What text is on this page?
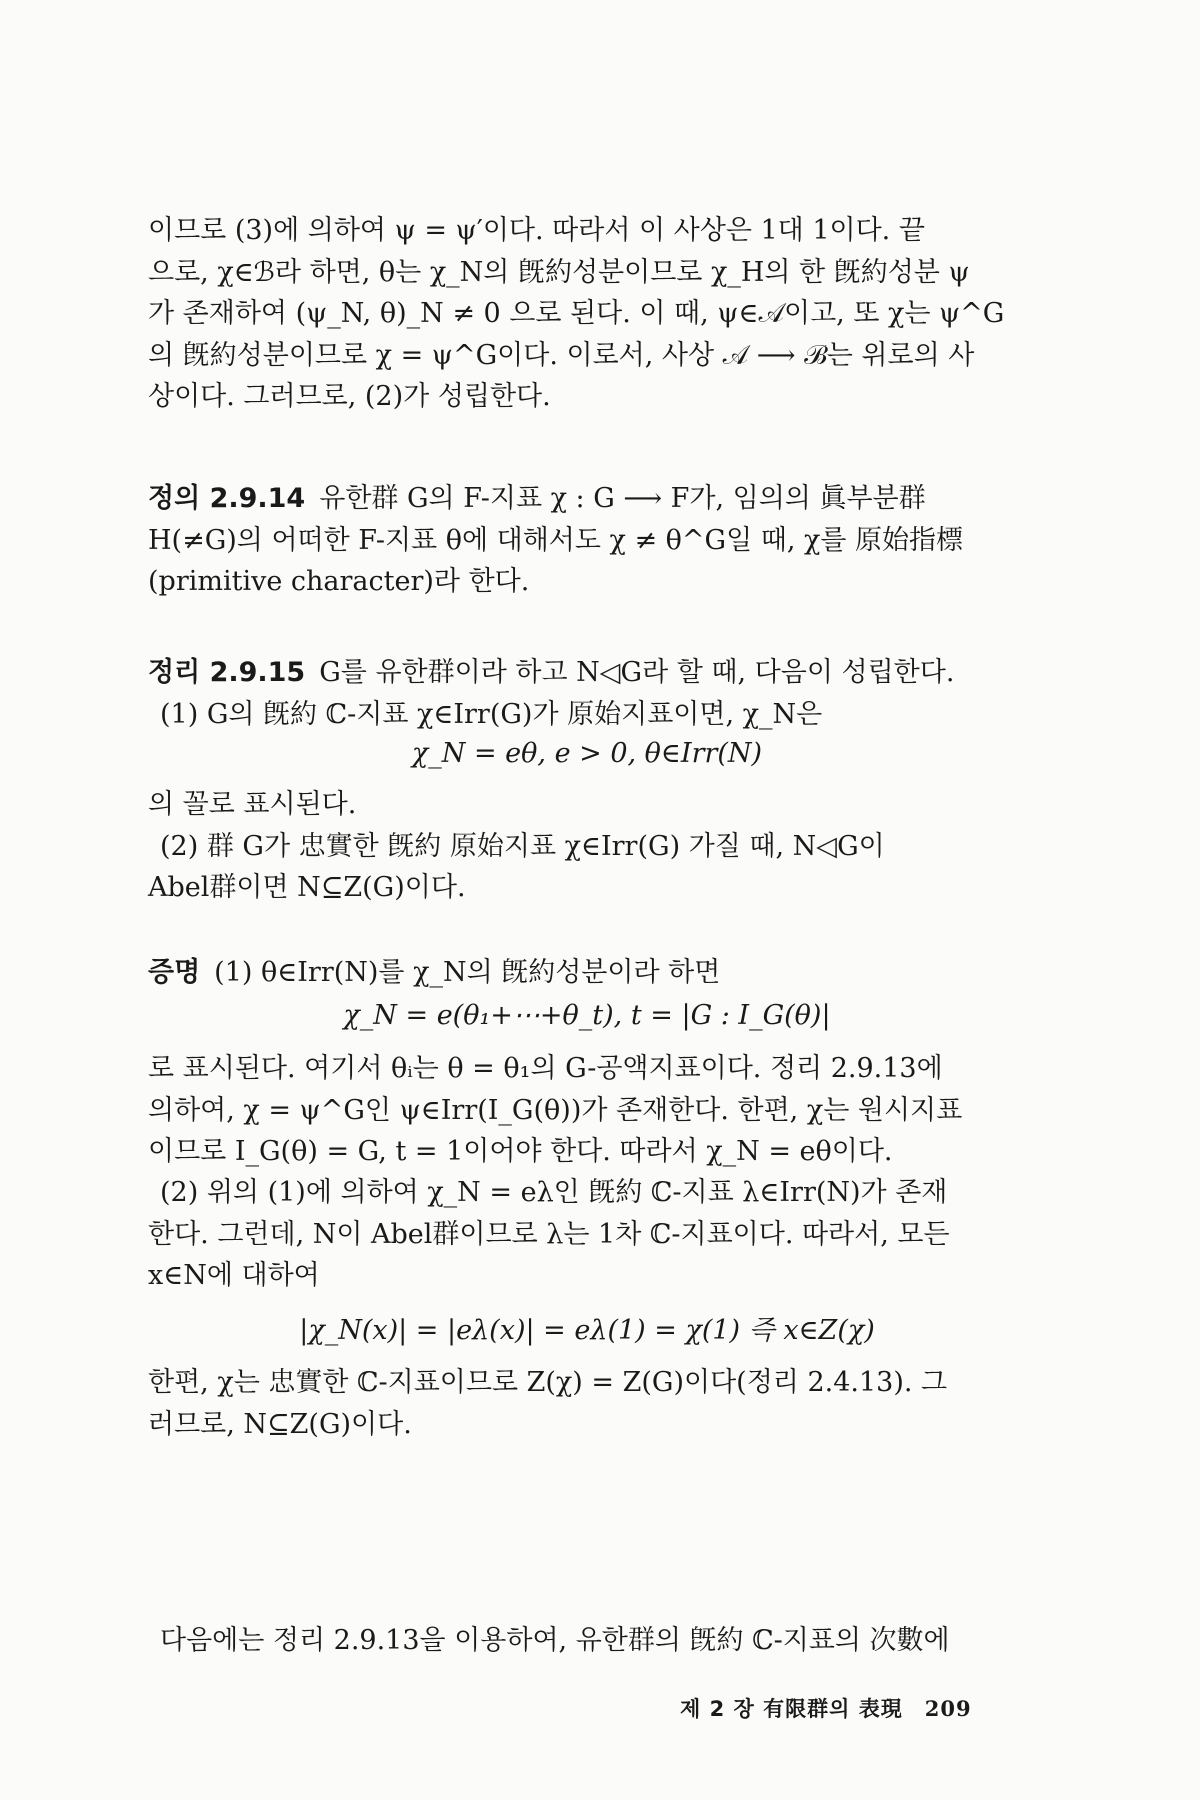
이므로 (3)에 의하여 ψ = ψ′이다. 따라서 이 사상은 1대 1이다. 끝
으로, χ∈ℬ라 하면, θ는 χ_N의 旣約성분이므로 χ_H의 한 旣約성분 ψ
가 존재하여 (ψ_N, θ)_N ≠ 0 으로 된다. 이 때, ψ∈𝒜이고, 또 χ는 ψ^G
의 旣約성분이므로 χ = ψ^G이다. 이로서, 사상 𝒜 ⟶ ℬ는 위로의 사
상이다. 그러므로, (2)가 성립한다.
정의 2.9.14 유한群 G의 F-지표 χ : G ⟶ F가, 임의의 眞부분群
H(≠G)의 어떠한 F-지표 θ에 대해서도 χ ≠ θ^G일 때, χ를 原始指標
(primitive character)라 한다.
정리 2.9.15 G를 유한群이라 하고 N◁G라 할 때, 다음이 성립한다.
(1) G의 旣約 ℂ-지표 χ∈Irr(G)가 原始지표이면, χ_N은

χ_N = eθ, e > 0, θ∈Irr(N)

의 꼴로 표시된다.
(2) 群 G가 忠實한 旣約 原始지표 χ∈Irr(G) 가질 때, N◁G이
Abel群이면 N⊆Z(G)이다.
증명 (1) θ∈Irr(N)를 χ_N의 旣約성분이라 하면

χ_N = e(θ₁+⋯+θ_t), t = |G : I_G(θ)|

로 표시된다. 여기서 θᵢ는 θ = θ₁의 G-공액지표이다. 정리 2.9.13에
의하여, χ = ψ^G인 ψ∈Irr(I_G(θ))가 존재한다. 한편, χ는 원시지표
이므로 I_G(θ) = G, t = 1이어야 한다. 따라서 χ_N = eθ이다.
(2) 위의 (1)에 의하여 χ_N = eλ인 旣約 ℂ-지표 λ∈Irr(N)가 존재
한다. 그런데, N이 Abel群이므로 λ는 1차 ℂ-지표이다. 따라서, 모든
x∈N에 대하여

|χ_N(x)| = |eλ(x)| = eλ(1) = χ(1) 즉 x∈Z(χ)

한편, χ는 忠實한 ℂ-지표이므로 Z(χ) = Z(G)이다(정리 2.4.13). 그
러므로, N⊆Z(G)이다.
다음에는 정리 2.9.13을 이용하여, 유한群의 旣約 ℂ-지표의 次數에
제 2 장 有限群의 表現 209
